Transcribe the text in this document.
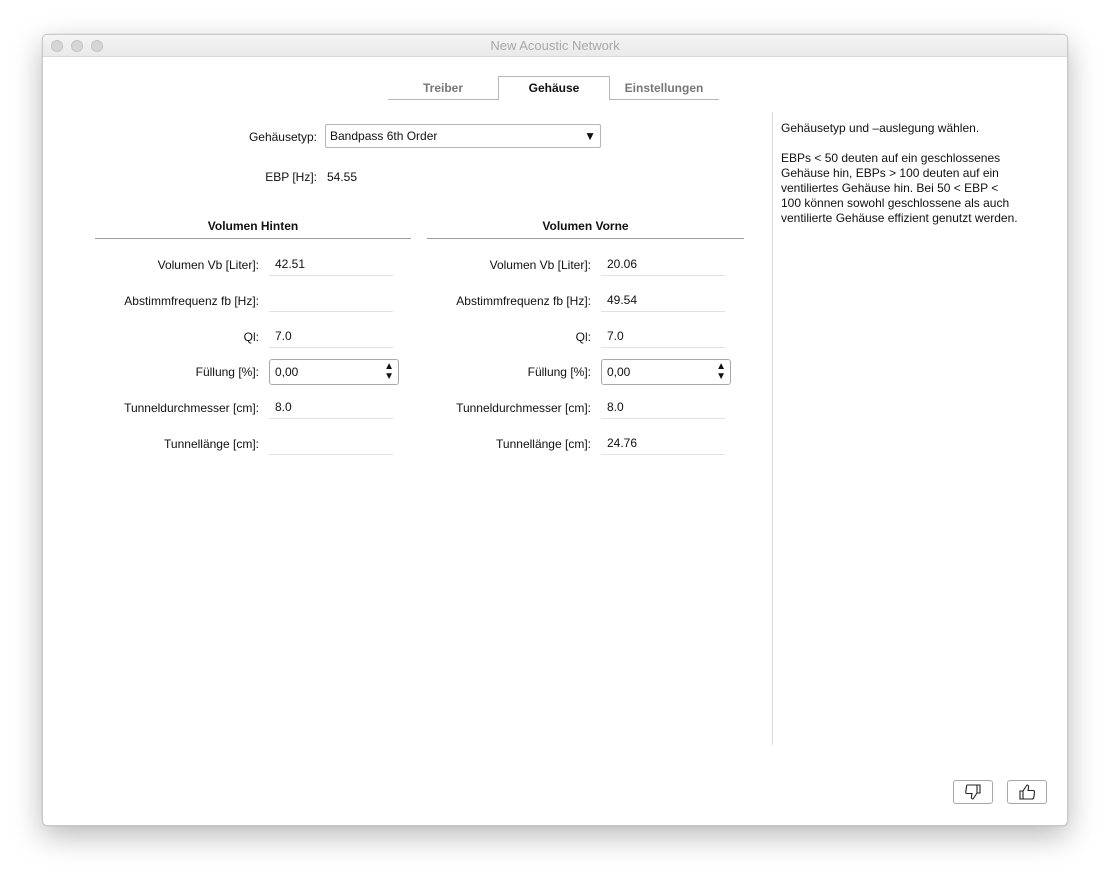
New Acoustic Network
Treiber	Gehäuse	Einstellungen
Gehäusetyp:	Bandpass 6th Order	▼
EBP [Hz]: 54.55
Volumen Hinten	Volumen Vorne
Volumen Vb [Liter]:	42.51
Abstimmfrequenz fb [Hz]:
Ql:	7.0
Füllung [%]:	0,00	▲
▼
Tunneldurchmesser [cm]:	8.0
Tunnellänge [cm]:
Volumen Vb [Liter]:	20.06
Abstimmfrequenz fb [Hz]:	49.54
Ql:	7.0
Füllung [%]:	0,00	▲
▼
Tunneldurchmesser [cm]:	8.0
Tunnellänge [cm]:	24.76

Gehäusetyp und –auslegung wählen.

EBPs < 50 deuten auf ein geschlossenes Gehäuse hin, EBPs > 100 deuten auf ein ventiliertes Gehäuse hin. Bei 50 < EBP < 100 können sowohl geschlossene als auch ventilierte Gehäuse effizient genutzt werden.
